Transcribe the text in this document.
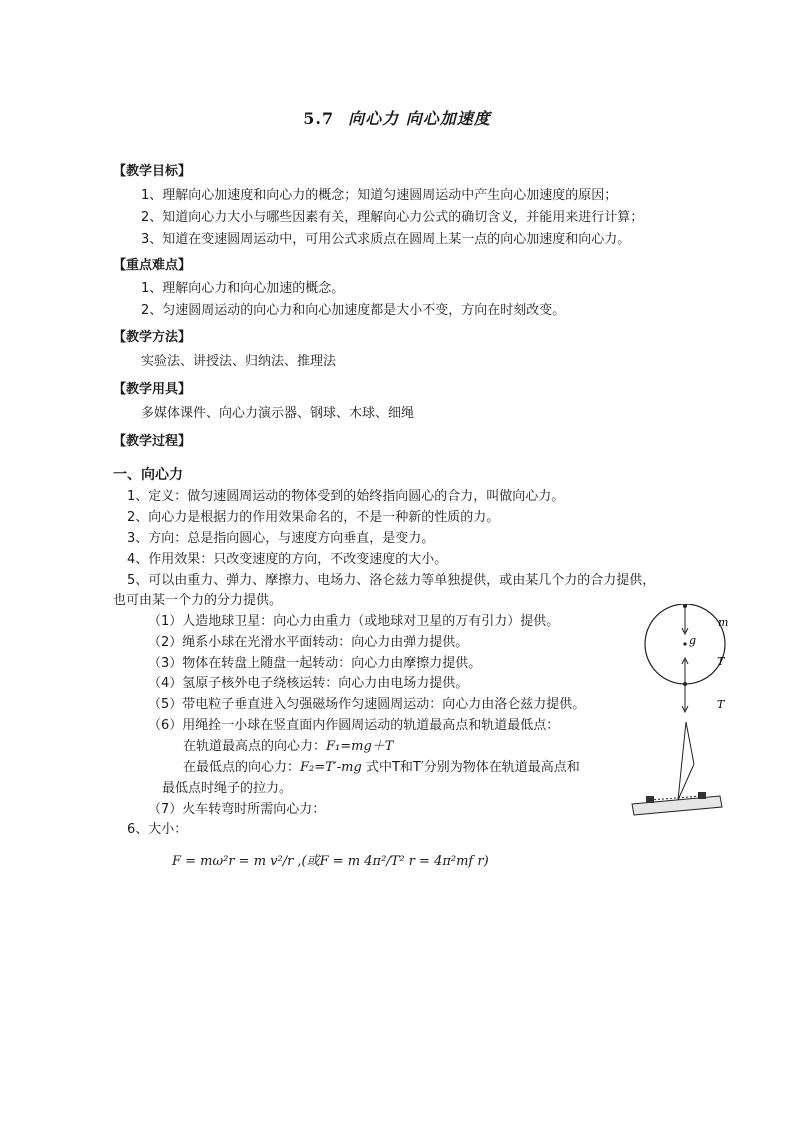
5.7 向心力 向心加速度
【教学目标】
1、理解向心加速度和向心力的概念；知道匀速圆周运动中产生向心加速度的原因；
2、知道向心力大小与哪些因素有关，理解向心力公式的确切含义，并能用来进行计算；
3、知道在变速圆周运动中，可用公式求质点在圆周上某一点的向心加速度和向心力。
【重点难点】
1、理解向心力和向心加速的概念。
2、匀速圆周运动的向心力和向心加速度都是大小不变，方向在时刻改变。
【教学方法】
实验法、讲授法、归纳法、推理法
【教学用具】
多媒体课件、向心力演示器、钢球、木球、细绳
【教学过程】
一、向心力
1、定义：做匀速圆周运动的物体受到的始终指向圆心的合力，叫做向心力。
2、向心力是根据力的作用效果命名的，不是一种新的性质的力。
3、方向：总是指向圆心，与速度方向垂直，是变力。
4、作用效果：只改变速度的方向，不改变速度的大小。
5、可以由重力、弹力、摩擦力、电场力、洛仑兹力等单独提供，或由某几个力的合力提供，
也可由某一个力的分力提供。
（1）人造地球卫星：向心力由重力（或地球对卫星的万有引力）提供。
（2）绳系小球在光滑水平面转动：向心力由弹力提供。
（3）物体在转盘上随盘一起转动：向心力由摩擦力提供。
（4）氢原子核外电子绕核运转：向心力由电场力提供。
（5）带电粒子垂直进入匀强磁场作匀速圆周运动：向心力由洛仑兹力提供。
（6）用绳拴一小球在竖直面内作圆周运动的轨道最高点和轨道最低点：
在轨道最高点的向心力：F₁=mg＋T
在最低点的向心力：F₂=T′-mg 式中T和T′分别为物体在轨道最高点和
最低点时绳子的拉力。
（7）火车转弯时所需向心力：
6、大小：
F = mω²r = m v²/r ,(或F = m 4π²/T² r = 4π²mf r)
m
g
T
T
